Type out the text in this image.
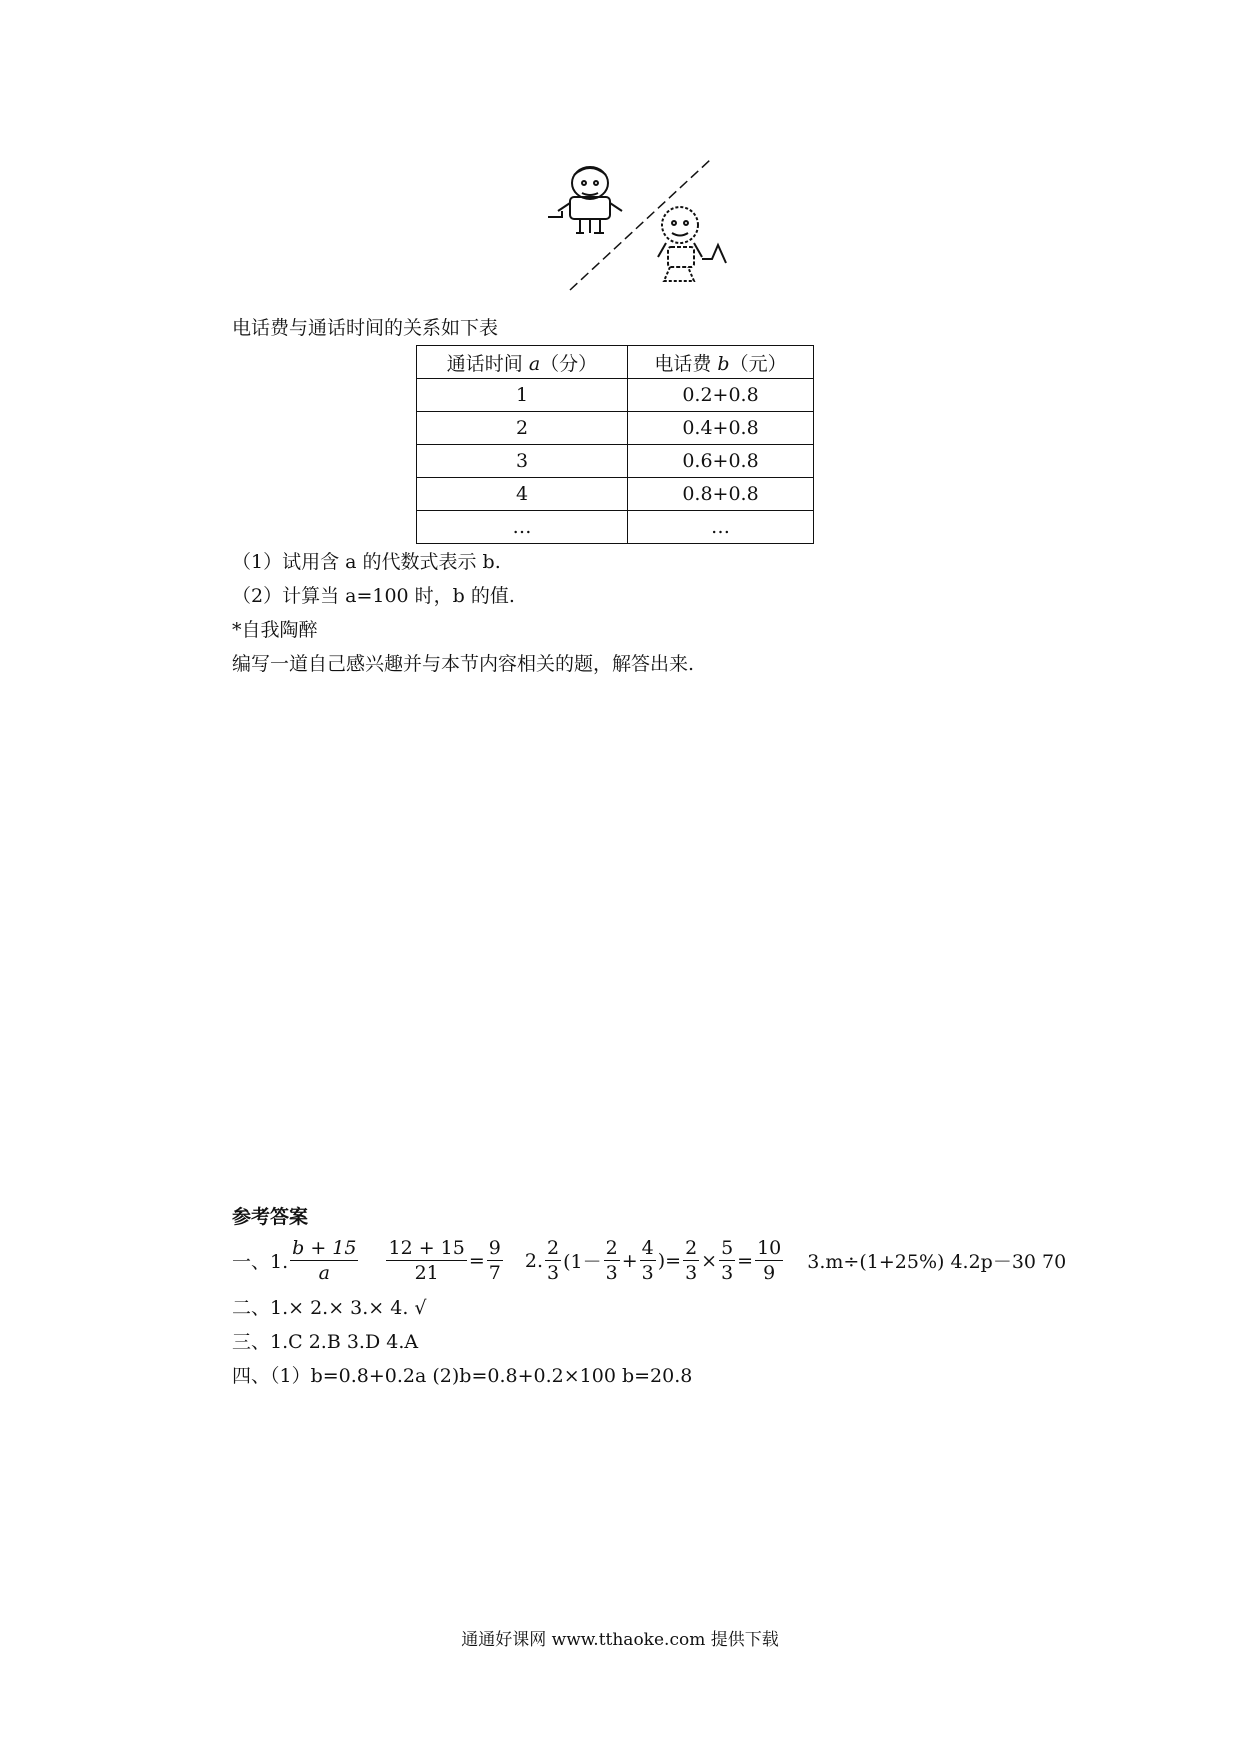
电话费与通话时间的关系如下表
通话时间 a（分）	电话费 b（元）
1	0.2+0.8
2	0.4+0.8
3	0.6+0.8
4	0.8+0.8
…	…
（1）试用含 a 的代数式表示 b.
（2）计算当 a=100 时，b 的值.
*自我陶醉
编写一道自己感兴趣并与本节内容相关的题，解答出来.
参考答案
一、1. $\frac{b + 15}{a} \frac{12 + 15}{21} = \frac{9}{7} 2$. $\frac{2}{3} (1- \frac{2}{3} + \frac{4}{3}$ )= $\frac{2}{3} \times \frac{5}{3} = \frac{10}{9} 3.m\div(1+25\%)$ 4.2p－30 70
二、1.× 2.× 3.× 4. √
三、1.C 2.B 3.D 4.A
四、（1）b=0.8+0.2a (2)b=0.8+0.2×100 b=20.8
通通好课网 www.tthaoke.com 提供下载
